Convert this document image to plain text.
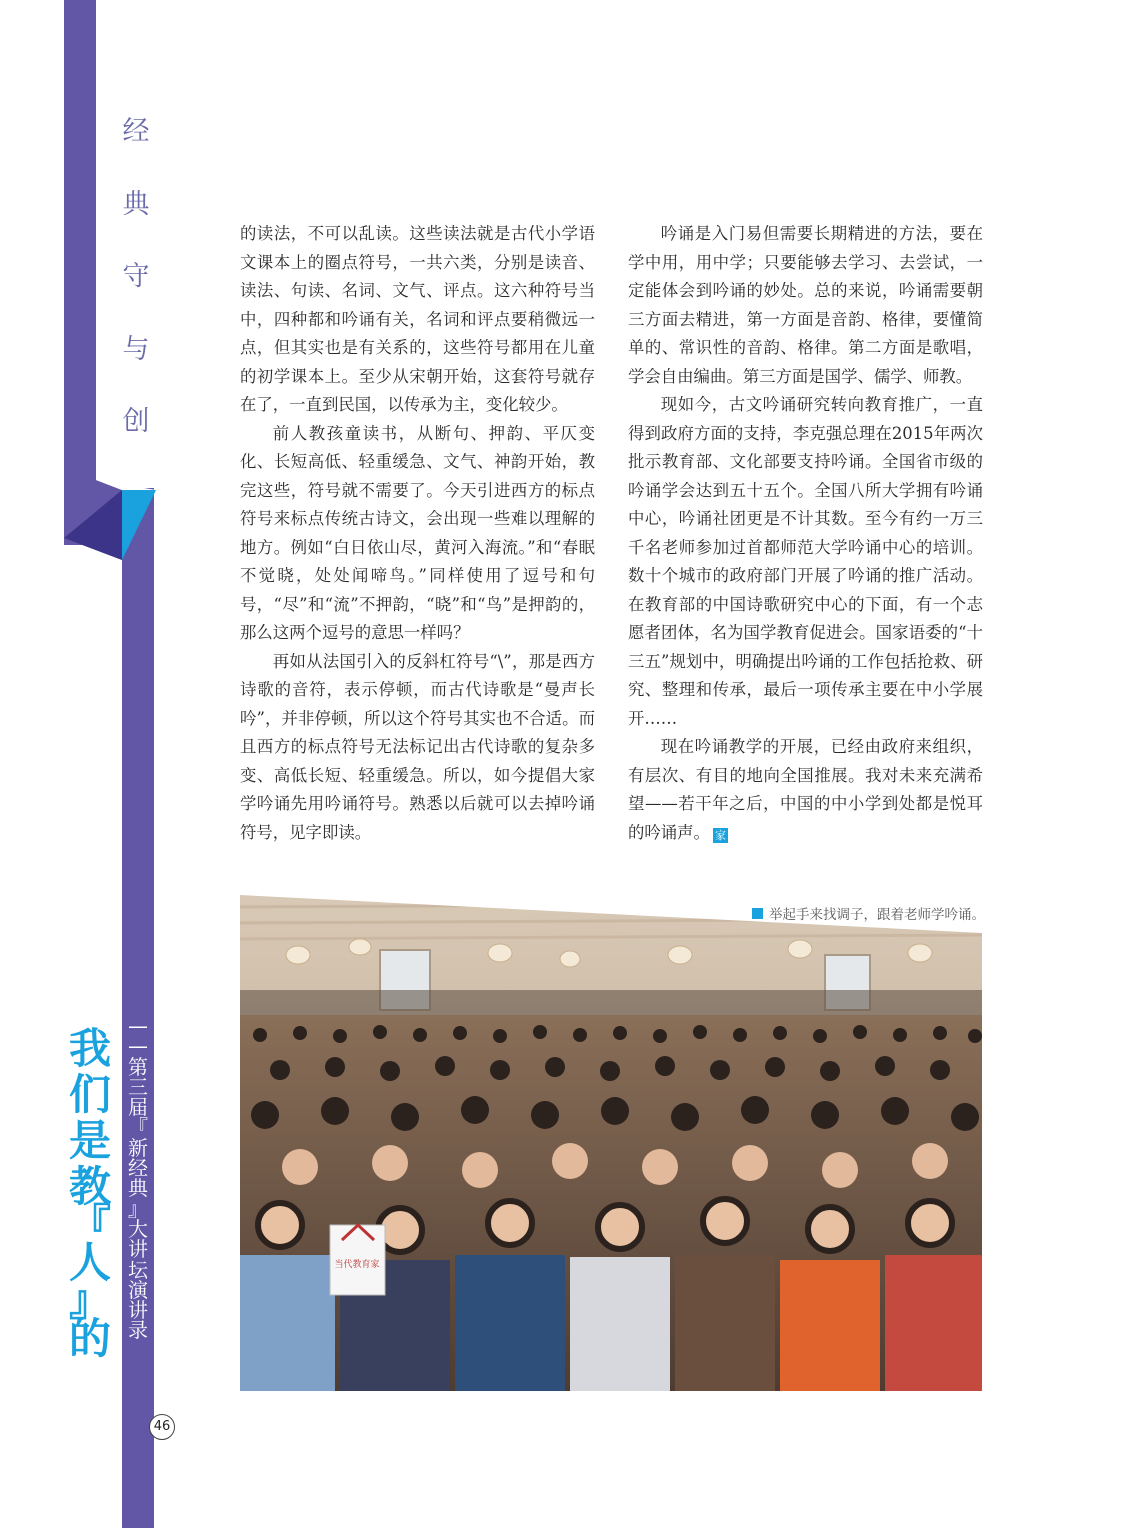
经
典
守
与
创
我
们
是
教
『
人
』
的
—
—
第
三
届
『
新
经
典
』
大
讲
坛
演
讲
录
46

的读法，不可以乱读。这些读法就是古代小学语文课本上的圈点符号，一共六类，分别是读音、读法、句读、名词、文气、评点。这六种符号当中，四种都和吟诵有关，名词和评点要稍微远一点，但其实也是有关系的，这些符号都用在儿童的初学课本上。至少从宋朝开始，这套符号就存在了，一直到民国，以传承为主，变化较少。

前人教孩童读书，从断句、押韵、平仄变化、长短高低、轻重缓急、文气、神韵开始，教完这些，符号就不需要了。今天引进西方的标点符号来标点传统古诗文，会出现一些难以理解的地方。例如“白日依山尽，黄河入海流。”和“春眠不觉晓，处处闻啼鸟。”同样使用了逗号和句号，“尽”和“流”不押韵，“晓”和“鸟”是押韵的，那么这两个逗号的意思一样吗？

再如从法国引入的反斜杠符号“\”，那是西方诗歌的音符，表示停顿，而古代诗歌是“曼声长吟”，并非停顿，所以这个符号其实也不合适。而且西方的标点符号无法标记出古代诗歌的复杂多变、高低长短、轻重缓急。所以，如今提倡大家学吟诵先用吟诵符号。熟悉以后就可以去掉吟诵符号，见字即读。

吟诵是入门易但需要长期精进的方法，要在学中用，用中学；只要能够去学习、去尝试，一定能体会到吟诵的妙处。总的来说，吟诵需要朝三方面去精进，第一方面是音韵、格律，要懂简单的、常识性的音韵、格律。第二方面是歌唱，学会自由编曲。第三方面是国学、儒学、师教。

现如今，古文吟诵研究转向教育推广，一直得到政府方面的支持，李克强总理在2015年两次批示教育部、文化部要支持吟诵。全国省市级的吟诵学会达到五十五个。全国八所大学拥有吟诵中心，吟诵社团更是不计其数。至今有约一万三千名老师参加过首都师范大学吟诵中心的培训。数十个城市的政府部门开展了吟诵的推广活动。在教育部的中国诗歌研究中心的下面，有一个志愿者团体，名为国学教育促进会。国家语委的“十三五”规划中，明确提出吟诵的工作包括抢救、研究、整理和传承，最后一项传承主要在中小学展开……

现在吟诵教学的开展，已经由政府来组织，有层次、有目的地向全国推展。我对未来充满希望——若干年之后，中国的中小学到处都是悦耳的吟诵声。 家

当代教育家
举起手来找调子，跟着老师学吟诵。
